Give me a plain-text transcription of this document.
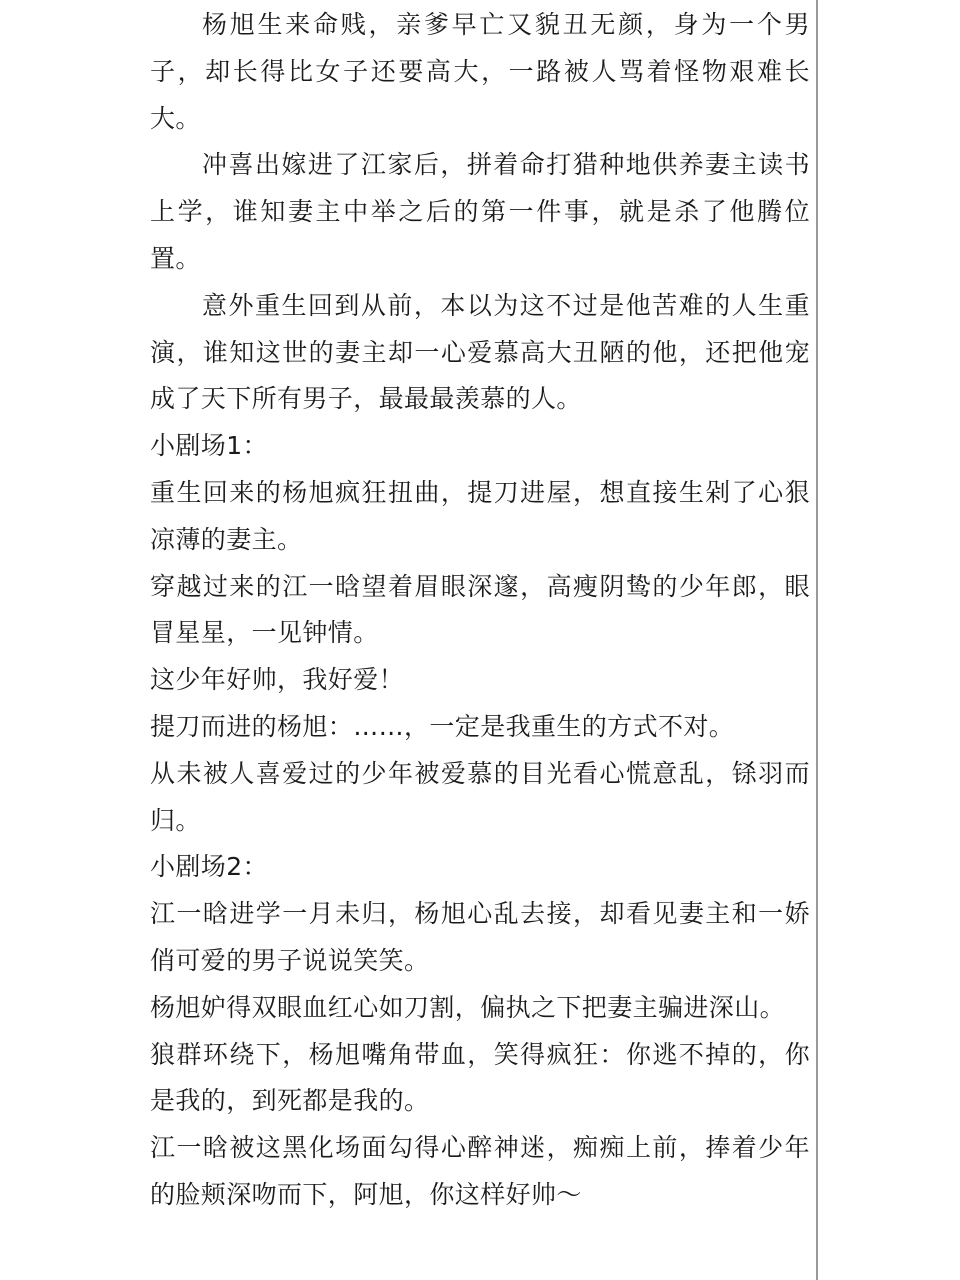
杨旭生来命贱，亲爹早亡又貌丑无颜，身为一个男子，却长得比女子还要高大，一路被人骂着怪物艰难长大。

冲喜出嫁进了江家后，拼着命打猎种地供养妻主读书上学，谁知妻主中举之后的第一件事，就是杀了他腾位置。

意外重生回到从前，本以为这不过是他苦难的人生重演，谁知这世的妻主却一心爱慕高大丑陋的他，还把他宠成了天下所有男子，最最最羡慕的人。

小剧场1：

重生回来的杨旭疯狂扭曲，提刀进屋，想直接生剁了心狠凉薄的妻主。

穿越过来的江一晗望着眉眼深邃，高瘦阴鸷的少年郎，眼冒星星，一见钟情。

这少年好帅，我好爱！

提刀而进的杨旭：……，一定是我重生的方式不对。

从未被人喜爱过的少年被爱慕的目光看心慌意乱，铩羽而归。

小剧场2：

江一晗进学一月未归，杨旭心乱去接，却看见妻主和一娇俏可爱的男子说说笑笑。

杨旭妒得双眼血红心如刀割，偏执之下把妻主骗进深山。

狼群环绕下，杨旭嘴角带血，笑得疯狂：你逃不掉的，你是我的，到死都是我的。

江一晗被这黑化场面勾得心醉神迷，痴痴上前，捧着少年的脸颊深吻而下，阿旭，你这样好帅～
